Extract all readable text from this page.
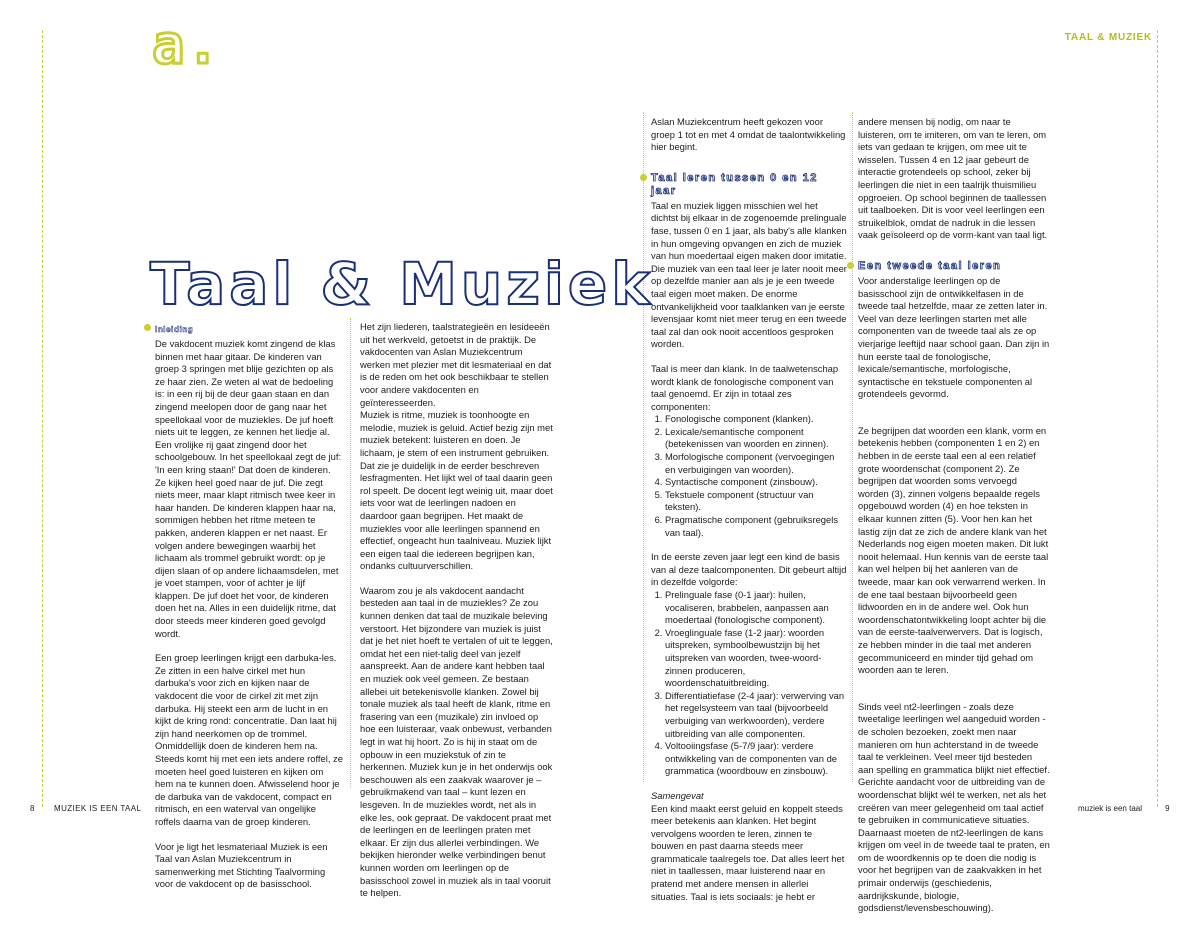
TAAL & MUZIEK
a.
Inleiding

De vakdocent muziek komt zingend de klas binnen met haar gitaar. De kinderen van groep 3 springen met blije gezichten op als ze haar zien. Ze weten al wat de bedoeling is: in een rij bij de deur gaan staan en dan zingend meelopen door de gang naar het speellokaal voor de muziekles. De juf hoeft niets uit te leggen, ze kennen het liedje al. Een vrolijke rij gaat zingend door het schoolgebouw. In het speellokaal zegt de juf: 'In een kring staan!' Dat doen de kinderen. Ze kijken heel goed naar de juf. Die zegt niets meer, maar klapt ritmisch twee keer in haar handen. De kinderen klappen haar na, sommigen hebben het ritme meteen te pakken, anderen klappen er net naast. Er volgen andere bewegingen waarbij het lichaam als trommel gebruikt wordt: op je dijen slaan of op andere lichaamsdelen, met je voet stampen, voor of achter je lijf klappen. De juf doet het voor, de kinderen doen het na. Alles in een duidelijk ritme, dat door steeds meer kinderen goed gevolgd wordt.

Een groep leerlingen krijgt een darbuka-les. Ze zitten in een halve cirkel met hun darbuka's voor zich en kijken naar de vakdocent die voor de cirkel zit met zijn darbuka. Hij steekt een arm de lucht in en kijkt de kring rond: concentratie. Dan laat hij zijn hand neerkomen op de trommel. Onmiddellijk doen de kinderen hem na. Steeds komt hij met een iets andere roffel, ze moeten heel goed luisteren en kijken om hem na te kunnen doen. Afwisselend hoor je de darbuka van de vakdocent, compact en ritmisch, en een waterval van ongelijke roffels daarna van de groep kinderen.

Voor je ligt het lesmateriaal Muziek is een Taal van Aslan Muziekcentrum in samenwerking met Stichting Taalvorming voor de vakdocent op de basisschool.

Het zijn liederen, taalstrategieën en lesideeën uit het werkveld, getoetst in de praktijk. De vakdocenten van Aslan Muziekcentrum werken met plezier met dit lesmateriaal en dat is de reden om het ook beschikbaar te stellen voor andere vakdocenten en geïnteresseerden.

Muziek is ritme, muziek is toonhoogte en melodie, muziek is geluid. Actief bezig zijn met muziek betekent: luisteren en doen. Je lichaam, je stem of een instrument gebruiken. Dat zie je duidelijk in de eerder beschreven lesfragmenten. Het lijkt wel of taal daarin geen rol speelt. De docent legt weinig uit, maar doet iets voor wat de leerlingen nadoen en daardoor gaan begrijpen. Het maakt de muziekles voor alle leerlingen spannend en effectief, ongeacht hun taalniveau. Muziek lijkt een eigen taal die iedereen begrijpen kan, ondanks cultuurverschillen.

Waarom zou je als vakdocent aandacht besteden aan taal in de muziekles? Ze zou kunnen denken dat taal de muzikale beleving verstoort. Het bijzondere van muziek is juist dat je het niet hoeft te vertalen of uit te leggen, omdat het een niet-talig deel van jezelf aanspreekt. Aan de andere kant hebben taal en muziek ook veel gemeen. Ze bestaan allebei uit betekenisvolle klanken. Zowel bij tonale muziek als taal heeft de klank, ritme en frasering van een (muzikale) zin invloed op hoe een luisteraar, vaak onbewust, verbanden legt in wat hij hoort. Zo is hij in staat om de opbouw in een muziekstuk of zin te herkennen. Muziek kun je in het onderwijs ook beschouwen als een zaakvak waarover je – gebruikmakend van taal – kunt lezen en lesgeven. In de muziekles wordt, net als in elke les, ook gepraat. De vakdocent praat met de leerlingen en de leerlingen praten met elkaar. Er zijn dus allerlei verbindingen. We bekijken hieronder welke verbindingen benut kunnen worden om leerlingen op de basisschool zowel in muziek als in taal vooruit te helpen.

Aslan Muziekcentrum heeft gekozen voor groep 1 tot en met 4 omdat de taalontwikkeling hier begint.

Taal leren tussen 0 en 12 jaar

Taal en muziek liggen misschien wel het dichtst bij elkaar in de zogenoemde prelinguale fase, tussen 0 en 1 jaar, als baby's alle klanken in hun omgeving opvangen en zich de muziek van hun moedertaal eigen maken door imitatie. Die muziek van een taal leer je later nooit meer op dezelfde manier aan als je je een tweede taal eigen moet maken. De enorme ontvankelijkheid voor taalklanken van je eerste levensjaar komt niet meer terug en een tweede taal zal dan ook nooit accentloos gesproken worden.

Taal is meer dan klank. In de taalwetenschap wordt klank de fonologische component van taal genoemd. Er zijn in totaal zes componenten:

1. Fonologische component (klanken).
2. Lexicale/semantische component (betekenissen van woorden en zinnen).
3. Morfologische component (vervoegingen en verbuigingen van woorden).
4. Syntactische component (zinsbouw).
5. Tekstuele component (structuur van teksten).
6. Pragmatische component (gebruiksregels van taal).

In de eerste zeven jaar legt een kind de basis van al deze taalcomponenten. Dit gebeurt altijd in dezelfde volgorde:

1. Prelinguale fase (0-1 jaar): huilen, vocaliseren, brabbelen, aanpassen aan moedertaal (fonologische component).
2. Vroeglinguale fase (1-2 jaar): woorden uitspreken, symboolbewustzijn bij het uitspreken van woorden, twee-woord-zinnen produceren, woordenschatuitbreiding.
3. Differentiatiefase (2-4 jaar): verwerving van het regelsysteem van taal (bijvoorbeeld verbuiging van werkwoorden), verdere uitbreiding van alle componenten.
4. Voltooiingsfase (5-7/9 jaar): verdere ontwikkeling van de componenten van de grammatica (woordbouw en zinsbouw).

Samengevat

Een kind maakt eerst geluid en koppelt steeds meer betekenis aan klanken. Het begint vervolgens woorden te leren, zinnen te bouwen en past daarna steeds meer grammaticale taalregels toe. Dat alles leert het niet in taallessen, maar luisterend naar en pratend met andere mensen in allerlei situaties. Taal is iets sociaals: je hebt er

andere mensen bij nodig, om naar te luisteren, om te imiteren, om van te leren, om iets van gedaan te krijgen, om mee uit te wisselen. Tussen 4 en 12 jaar gebeurt de interactie grotendeels op school, zeker bij leerlingen die niet in een taalrijk thuismilieu opgroeien. Op school beginnen de taallessen uit taalboeken. Dit is voor veel leerlingen een struikelblok, omdat de nadruk in die lessen vaak geïsoleerd op de vorm-kant van taal ligt.

Een tweede taal leren

Voor anderstalige leerlingen op de basisschool zijn de ontwikkelfasen in de tweede taal hetzelfde, maar ze zetten later in. Veel van deze leerlingen starten met alle componenten van de tweede taal als ze op vierjarige leeftijd naar school gaan. Dan zijn in hun eerste taal de fonologische, lexicale/semantische, morfologische, syntactische en tekstuele componenten al grotendeels gevormd.

Ze begrijpen dat woorden een klank, vorm en betekenis hebben (componenten 1 en 2) en hebben in de eerste taal een al een relatief grote woordenschat (component 2). Ze begrijpen dat woorden soms vervoegd worden (3), zinnen volgens bepaalde regels opgebouwd worden (4) en hoe teksten in elkaar kunnen zitten (5). Voor hen kan het lastig zijn dat ze zich de andere klank van het Nederlands nog eigen moeten maken. Dit lukt nooit helemaal. Hun kennis van de eerste taal kan wel helpen bij het aanleren van de tweede, maar kan ook verwarrend werken. In de ene taal bestaan bijvoorbeeld geen lidwoorden en in de andere wel. Ook hun woordenschatontwikkeling loopt achter bij die van de eerste-taalverwervers. Dat is logisch, ze hebben minder in die taal met anderen gecommuniceerd en minder tijd gehad om woorden aan te leren.

Sinds veel nt2-leerlingen - zoals deze tweetalige leerlingen wel aangeduid worden - de scholen bezoeken, zoekt men naar manieren om hun achterstand in de tweede taal te verkleinen. Veel meer tijd besteden aan spelling en grammatica blijkt niet effectief. Gerichte aandacht voor de uitbreiding van de woordenschat blijkt wél te werken, net als het creëren van meer gelegenheid om taal actief te gebruiken in communicatieve situaties. Daarnaast moeten de nt2-leerlingen de kans krijgen om veel in de tweede taal te praten, en om de woordkennis op te doen die nodig is voor het begrijpen van de zaakvakken in het primair onderwijs (geschiedenis, aardrijkskunde, biologie, godsdienst/levensbeschouwing).

Taal & Muziek
8 MUZIEK IS EEN TAAL	muziek is een taal	9
